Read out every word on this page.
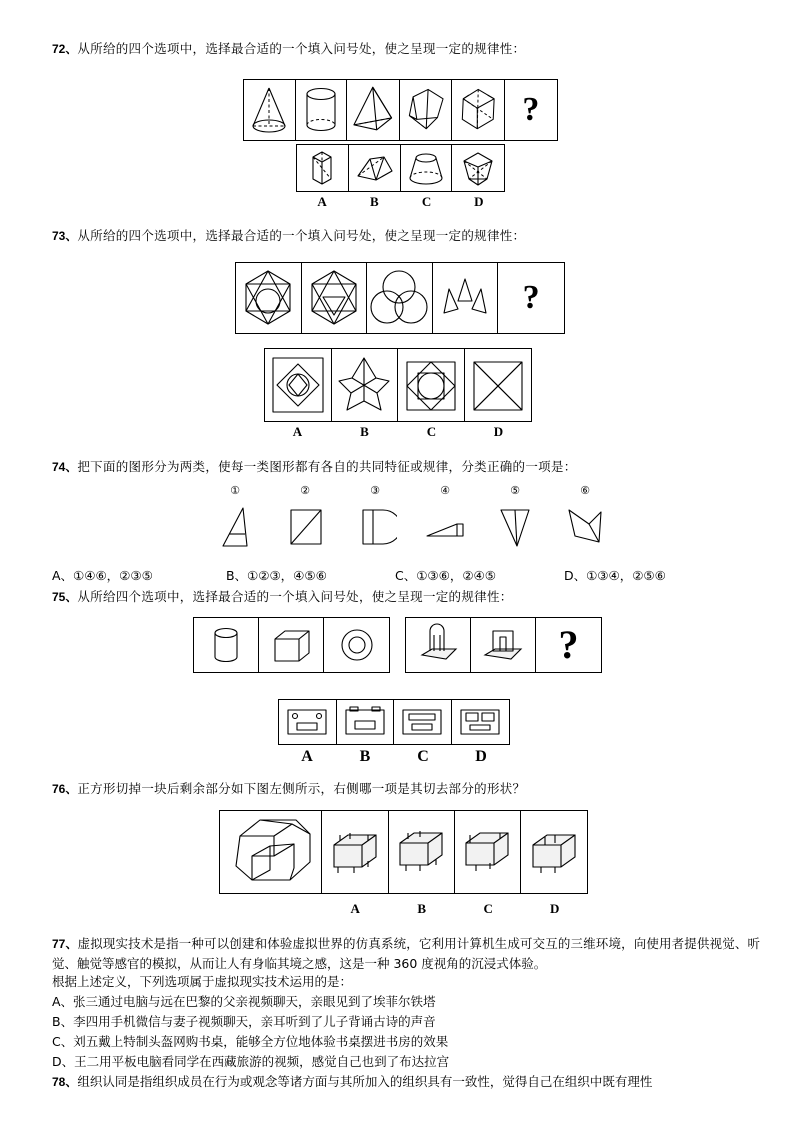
72、从所给的四个选项中，选择最合适的一个填入问号处，使之呈现一定的规律性：
?
A	B	C	D
73、从所给的四个选项中，选择最合适的一个填入问号处，使之呈现一定的规律性：
?
A	B	C	D
74、把下面的图形分为两类，使每一类图形都有各自的共同特征或规律，分类正确的一项是：
①	②	③	④	⑤	⑥
A、①④⑥，②③⑤	B、①②③，④⑤⑥	C、①③⑥，②④⑤	D、①③④，②⑤⑥
75、从所给四个选项中，选择最合适的一个填入问号处，使之呈现一定的规律性：
?
A	B	C	D
76、正方形切掉一块后剩余部分如下图左侧所示，右侧哪一项是其切去部分的形状？
A	B	C	D
77、虚拟现实技术是指一种可以创建和体验虚拟世界的仿真系统，它利用计算机生成可交互的三维环境，向使用者提供视觉、听觉、触觉等感官的模拟，从而让人有身临其境之感，这是一种 360 度视角的沉浸式体验。
根据上述定义，下列选项属于虚拟现实技术运用的是：
A、张三通过电脑与远在巴黎的父亲视频聊天，亲眼见到了埃菲尔铁塔
B、李四用手机微信与妻子视频聊天，亲耳听到了儿子背诵古诗的声音
C、刘五戴上特制头盔网购书桌，能够全方位地体验书桌摆进书房的效果
D、王二用平板电脑看同学在西藏旅游的视频，感觉自己也到了布达拉宫
78、组织认同是指组织成员在行为或观念等诸方面与其所加入的组织具有一致性，觉得自己在组织中既有理性
